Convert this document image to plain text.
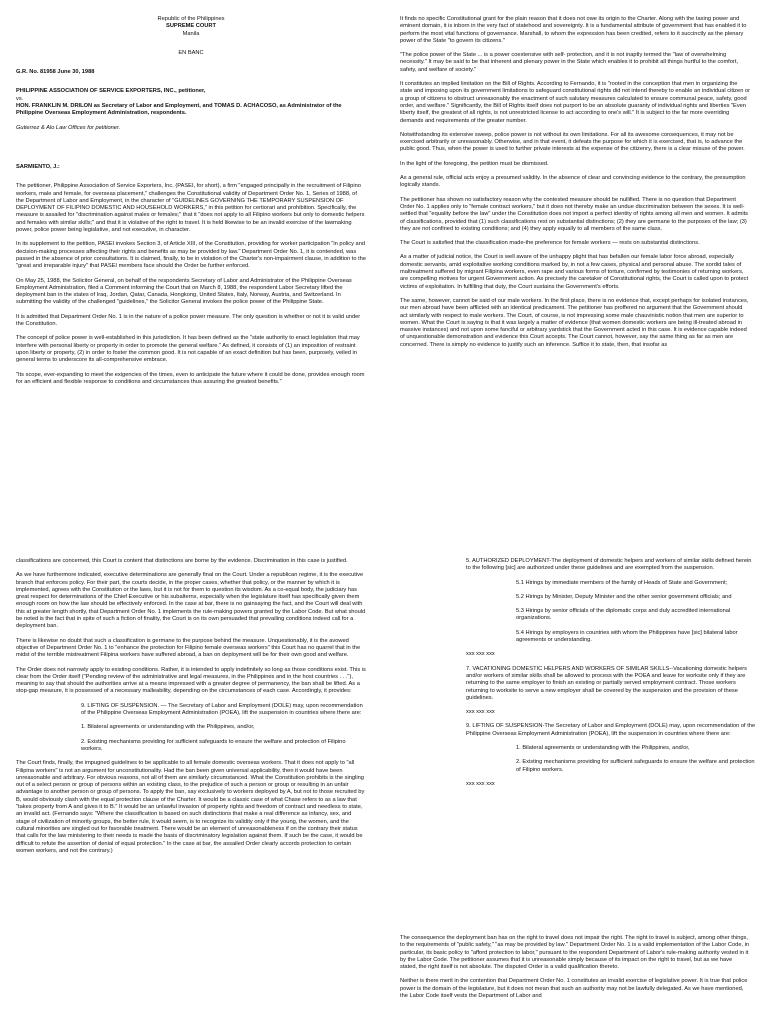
Republic of the Philippines

SUPREME COURT

Manila

EN BANC

G.R. No. 81958 June 30, 1988

PHILIPPINE ASSOCIATION OF SERVICE EXPORTERS, INC., petitioner,

vs.

HON. FRANKLIN M. DRILON as Secretary of Labor and Employment, and TOMAS D. ACHACOSO, as Administrator of the Philippine Overseas Employment Administration, respondents.

Gutierrez & Alo Law Offices for petitioner.

SARMIENTO, J.:

The petitioner, Philippine Association of Service Exporters, Inc. (PASEI, for short), a firm "engaged principally in the recruitment of Filipino workers, male and female, for overseas placement," challenges the Constitutional validity of Department Order No. 1, Series of 1988, of the Department of Labor and Employment, in the character of "GUIDELINES GOVERNING THE TEMPORARY SUSPENSION OF DEPLOYMENT OF FILIPINO DOMESTIC AND HOUSEHOLD WORKERS," in this petition for certiorari and prohibition. Specifically, the measure is assailed for "discrimination against males or females;" that it "does not apply to all Filipino workers but only to domestic helpers and females with similar skills;" and that it is violative of the right to travel. It is held likewise to be an invalid exercise of the lawmaking power, police power being legislative, and not executive, in character.

In its supplement to the petition, PASEI invokes Section 3, of Article XIII, of the Constitution, providing for worker participation "in policy and decision-making processes affecting their rights and benefits as may be provided by law." Department Order No. 1, it is contended, was passed in the absence of prior consultations. It is claimed, finally, to be in violation of the Charter's non-impairment clause, in addition to the "great and irreparable injury" that PASEI members face should the Order be further enforced.

On May 25, 1988, the Solicitor General, on behalf of the respondents Secretary of Labor and Administrator of the Philippine Overseas Employment Administration, filed a Comment informing the Court that on March 8, 1988, the respondent Labor Secretary lifted the deployment ban in the states of Iraq, Jordan, Qatar, Canada, Hongkong, United States, Italy, Norway, Austria, and Switzerland. In submitting the validity of the challenged "guidelines," the Solicitor General invokes the police power of the Philippine State.

It is admitted that Department Order No. 1 is in the nature of a police power measure. The only question is whether or not it is valid under the Constitution.

The concept of police power is well-established in this jurisdiction. It has been defined as the "state authority to enact legislation that may interfere with personal liberty or property in order to promote the general welfare." As defined, it consists of (1) an imposition of restraint upon liberty or property, (2) in order to foster the common good. It is not capable of an exact definition but has been, purposely, veiled in general terms to underscore its all-comprehensive embrace.

"Its scope, ever-expanding to meet the exigencies of the times, even to anticipate the future where it could be done, provides enough room for an efficient and flexible response to conditions and circumstances thus assuring the greatest benefits."

It finds no specific Constitutional grant for the plain reason that it does not owe its origin to the Charter. Along with the taxing power and eminent domain, it is inborn in the very fact of statehood and sovereignty. It is a fundamental attribute of government that has enabled it to perform the most vital functions of governance. Marshall, to whom the expression has been credited, refers to it succinctly as the plenary power of the State "to govern its citizens."

"The police power of the State ... is a power coextensive with self- protection, and it is not inaptly termed the "law of overwhelming necessity." It may be said to be that inherent and plenary power in the State which enables it to prohibit all things hurtful to the comfort, safety, and welfare of society."

It constitutes an implied limitation on the Bill of Rights. According to Fernando, it is "rooted in the conception that men in organizing the state and imposing upon its government limitations to safeguard constitutional rights did not intend thereby to enable an individual citizen or a group of citizens to obstruct unreasonably the enactment of such salutary measures calculated to ensure communal peace, safety, good order, and welfare." Significantly, the Bill of Rights itself does not purport to be an absolute guaranty of individual rights and liberties "Even liberty itself, the greatest of all rights, is not unrestricted license to act according to one's will." It is subject to the far more overriding demands and requirements of the greater number.

Notwithstanding its extensive sweep, police power is not without its own limitations. For all its awesome consequences, it may not be exercised arbitrarily or unreasonably. Otherwise, and in that event, it defeats the purpose for which it is exercised, that is, to advance the public good. Thus, when the power is used to further private interests at the expense of the citizenry, there is a clear misuse of the power.

In the light of the foregoing, the petition must be dismissed.

As a general rule, official acts enjoy a presumed validity. In the absence of clear and convincing evidence to the contrary, the presumption logically stands.

The petitioner has shown no satisfactory reason why the contested measure should be nullified. There is no question that Department Order No. 1 applies only to "female contract workers," but it does not thereby make an undue discrimination between the sexes. It is well-settled that "equality before the law" under the Constitution does not import a perfect identity of rights among all men and women. It admits of classifications, provided that (1) such classifications rest on substantial distinctions; (2) they are germane to the purposes of the law; (3) they are not confined to existing conditions; and (4) they apply equally to all members of the same class.

The Court is satisfied that the classification made-the preference for female workers — rests on substantial distinctions.

As a matter of judicial notice, the Court is well aware of the unhappy plight that has befallen our female labor force abroad, especially domestic servants, amid exploitative working conditions marked by, in not a few cases, physical and personal abuse. The sordid tales of maltreatment suffered by migrant Filipina workers, even rape and various forms of torture, confirmed by testimonies of returning workers, are compelling motives for urgent Government action. As precisely the caretaker of Constitutional rights, the Court is called upon to protect victims of exploitation. In fulfilling that duty, the Court sustains the Government's efforts.

The same, however, cannot be said of our male workers. In the first place, there is no evidence that, except perhaps for isolated instances, our men abroad have been afflicted with an identical predicament. The petitioner has proffered no argument that the Government should act similarly with respect to male workers. The Court, of course, is not impressing some male chauvinistic notion that men are superior to women. What the Court is saying is that it was largely a matter of evidence (that women domestic workers are being ill-treated abroad in massive instances) and not upon some fanciful or arbitrary yardstick that the Government acted in this case. It is evidence capable indeed of unquestionable demonstration and evidence this Court accepts. The Court cannot, however, say the same thing as far as men are concerned. There is simply no evidence to justify such an inference. Suffice it to state, then, that insofar as

classifications are concerned, this Court is content that distinctions are borne by the evidence. Discrimination in this case is justified.

As we have furthermore indicated, executive determinations are generally final on the Court. Under a republican regime, it is the executive branch that enforces policy. For their part, the courts decide, in the proper cases, whether that policy, or the manner by which it is implemented, agrees with the Constitution or the laws, but it is not for them to question its wisdom. As a co-equal body, the judiciary has great respect for determinations of the Chief Executive or his subalterns, especially when the legislature itself has specifically given them enough room on how the law should be effectively enforced. In the case at bar, there is no gainsaying the fact, and the Court will deal with this at greater length shortly, that Department Order No. 1 implements the rule-making powers granted by the Labor Code. But what should be noted is the fact that in spite of such a fiction of finality, the Court is on its own persuaded that prevailing conditions indeed call for a deployment ban.

There is likewise no doubt that such a classification is germane to the purpose behind the measure. Unquestionably, it is the avowed objective of Department Order No. 1 to "enhance the protection for Filipino female overseas workers" this Court has no quarrel that in the midst of the terrible mistreatment Filipina workers have suffered abroad, a ban on deployment will be for their own good and welfare.

The Order does not narrowly apply to existing conditions. Rather, it is intended to apply indefinitely so long as those conditions exist. This is clear from the Order itself ("Pending review of the administrative and legal measures, in the Philippines and in the host countries . . ."), meaning to say that should the authorities arrive at a means impressed with a greater degree of permanency, the ban shall be lifted. As a stop-gap measure, it is possessed of a necessary malleability, depending on the circumstances of each case. Accordingly, it provides:

9. LIFTING OF SUSPENSION. — The Secretary of Labor and Employment (DOLE) may, upon recommendation of the Philippine Overseas Employment Administration (POEA), lift the suspension in countries where there are:

1. Bilateral agreements or understanding with the Philippines, and/or,

2. Existing mechanisms providing for sufficient safeguards to ensure the welfare and protection of Filipino workers.

The Court finds, finally, the impugned guidelines to be applicable to all female domestic overseas workers. That it does not apply to "all Filipina workers" is not an argument for unconstitutionality. Had the ban been given universal applicability, then it would have been unreasonable and arbitrary. For obvious reasons, not all of them are similarly circumstanced. What the Constitution prohibits is the singling out of a select person or group of persons within an existing class, to the prejudice of such a person or group or resulting in an unfair advantage to another person or group of persons. To apply the ban, say exclusively to workers deployed by A, but not to those recruited by B, would obviously clash with the equal protection clause of the Charter. It would be a classic case of what Chase refers to as a law that "takes property from A and gives it to B." It would be an unlawful invasion of property rights and freedom of contract and needless to state, an invalid act. (Fernando says: "Where the classification is based on such distinctions that make a real difference as infancy, sex, and stage of civilization of minority groups, the better rule, it would seem, is to recognize its validity only if the young, the women, and the cultural minorities are singled out for favorable treatment. There would be an element of unreasonableness if on the contrary their status that calls for the law ministering to their needs is made the basis of discriminatory legislation against them. If such be the case, it would be difficult to refute the assertion of denial of equal protection." In the case at bar, the assailed Order clearly accords protection to certain women workers, and not the contrary.)

5. AUTHORIZED DEPLOYMENT-The deployment of domestic helpers and workers of similar skills defined herein to the following [sic] are authorized under these guidelines and are exempted from the suspension.

5.1 Hirings by immediate members of the family of Heads of State and Government;

5.2 Hirings by Minister, Deputy Minister and the other senior government officials; and

5.3 Hirings by senior officials of the diplomatic corps and duly accredited international organizations.

5.4 Hirings by employers in countries with whom the Philippines have [sic] bilateral labor agreements or understanding.

xxx xxx xxx

7. VACATIONING DOMESTIC HELPERS AND WORKERS OF SIMILAR SKILLS--Vacationing domestic helpers and/or workers of similar skills shall be allowed to process with the POEA and leave for worksite only if they are returning to the same employer to finish an existing or partially served employment contract. Those workers returning to worksite to serve a new employer shall be covered by the suspension and the provision of these guidelines.

xxx xxx xxx

9. LIFTING OF SUSPENSION-The Secretary of Labor and Employment (DOLE) may, upon recommendation of the Philippine Overseas Employment Administration (POEA), lift the suspension in countries where there are:

1. Bilateral agreements or understanding with the Philippines, and/or,

2. Existing mechanisms providing for sufficient safeguards to ensure the welfare and protection of Filipino workers.

xxx xxx xxx

The consequence the deployment ban has on the right to travel does not impair the right. The right to travel is subject, among other things, to the requirements of "public safety," "as may be provided by law." Department Order No. 1 is a valid implementation of the Labor Code, in particular, its basic policy to "afford protection to labor," pursuant to the respondent Department of Labor's rule-making authority vested in it by the Labor Code. The petitioner assumes that it is unreasonable simply because of its impact on the right to travel, but as we have stated, the right itself is not absolute. The disputed Order is a valid qualification thereto.

Neither is there merit in the contention that Department Order No. 1 constitutes an invalid exercise of legislative power. It is true that police power is the domain of the legislature, but it does not mean that such an authority may not be lawfully delegated. As we have mentioned, the Labor Code itself vests the Department of Labor and
